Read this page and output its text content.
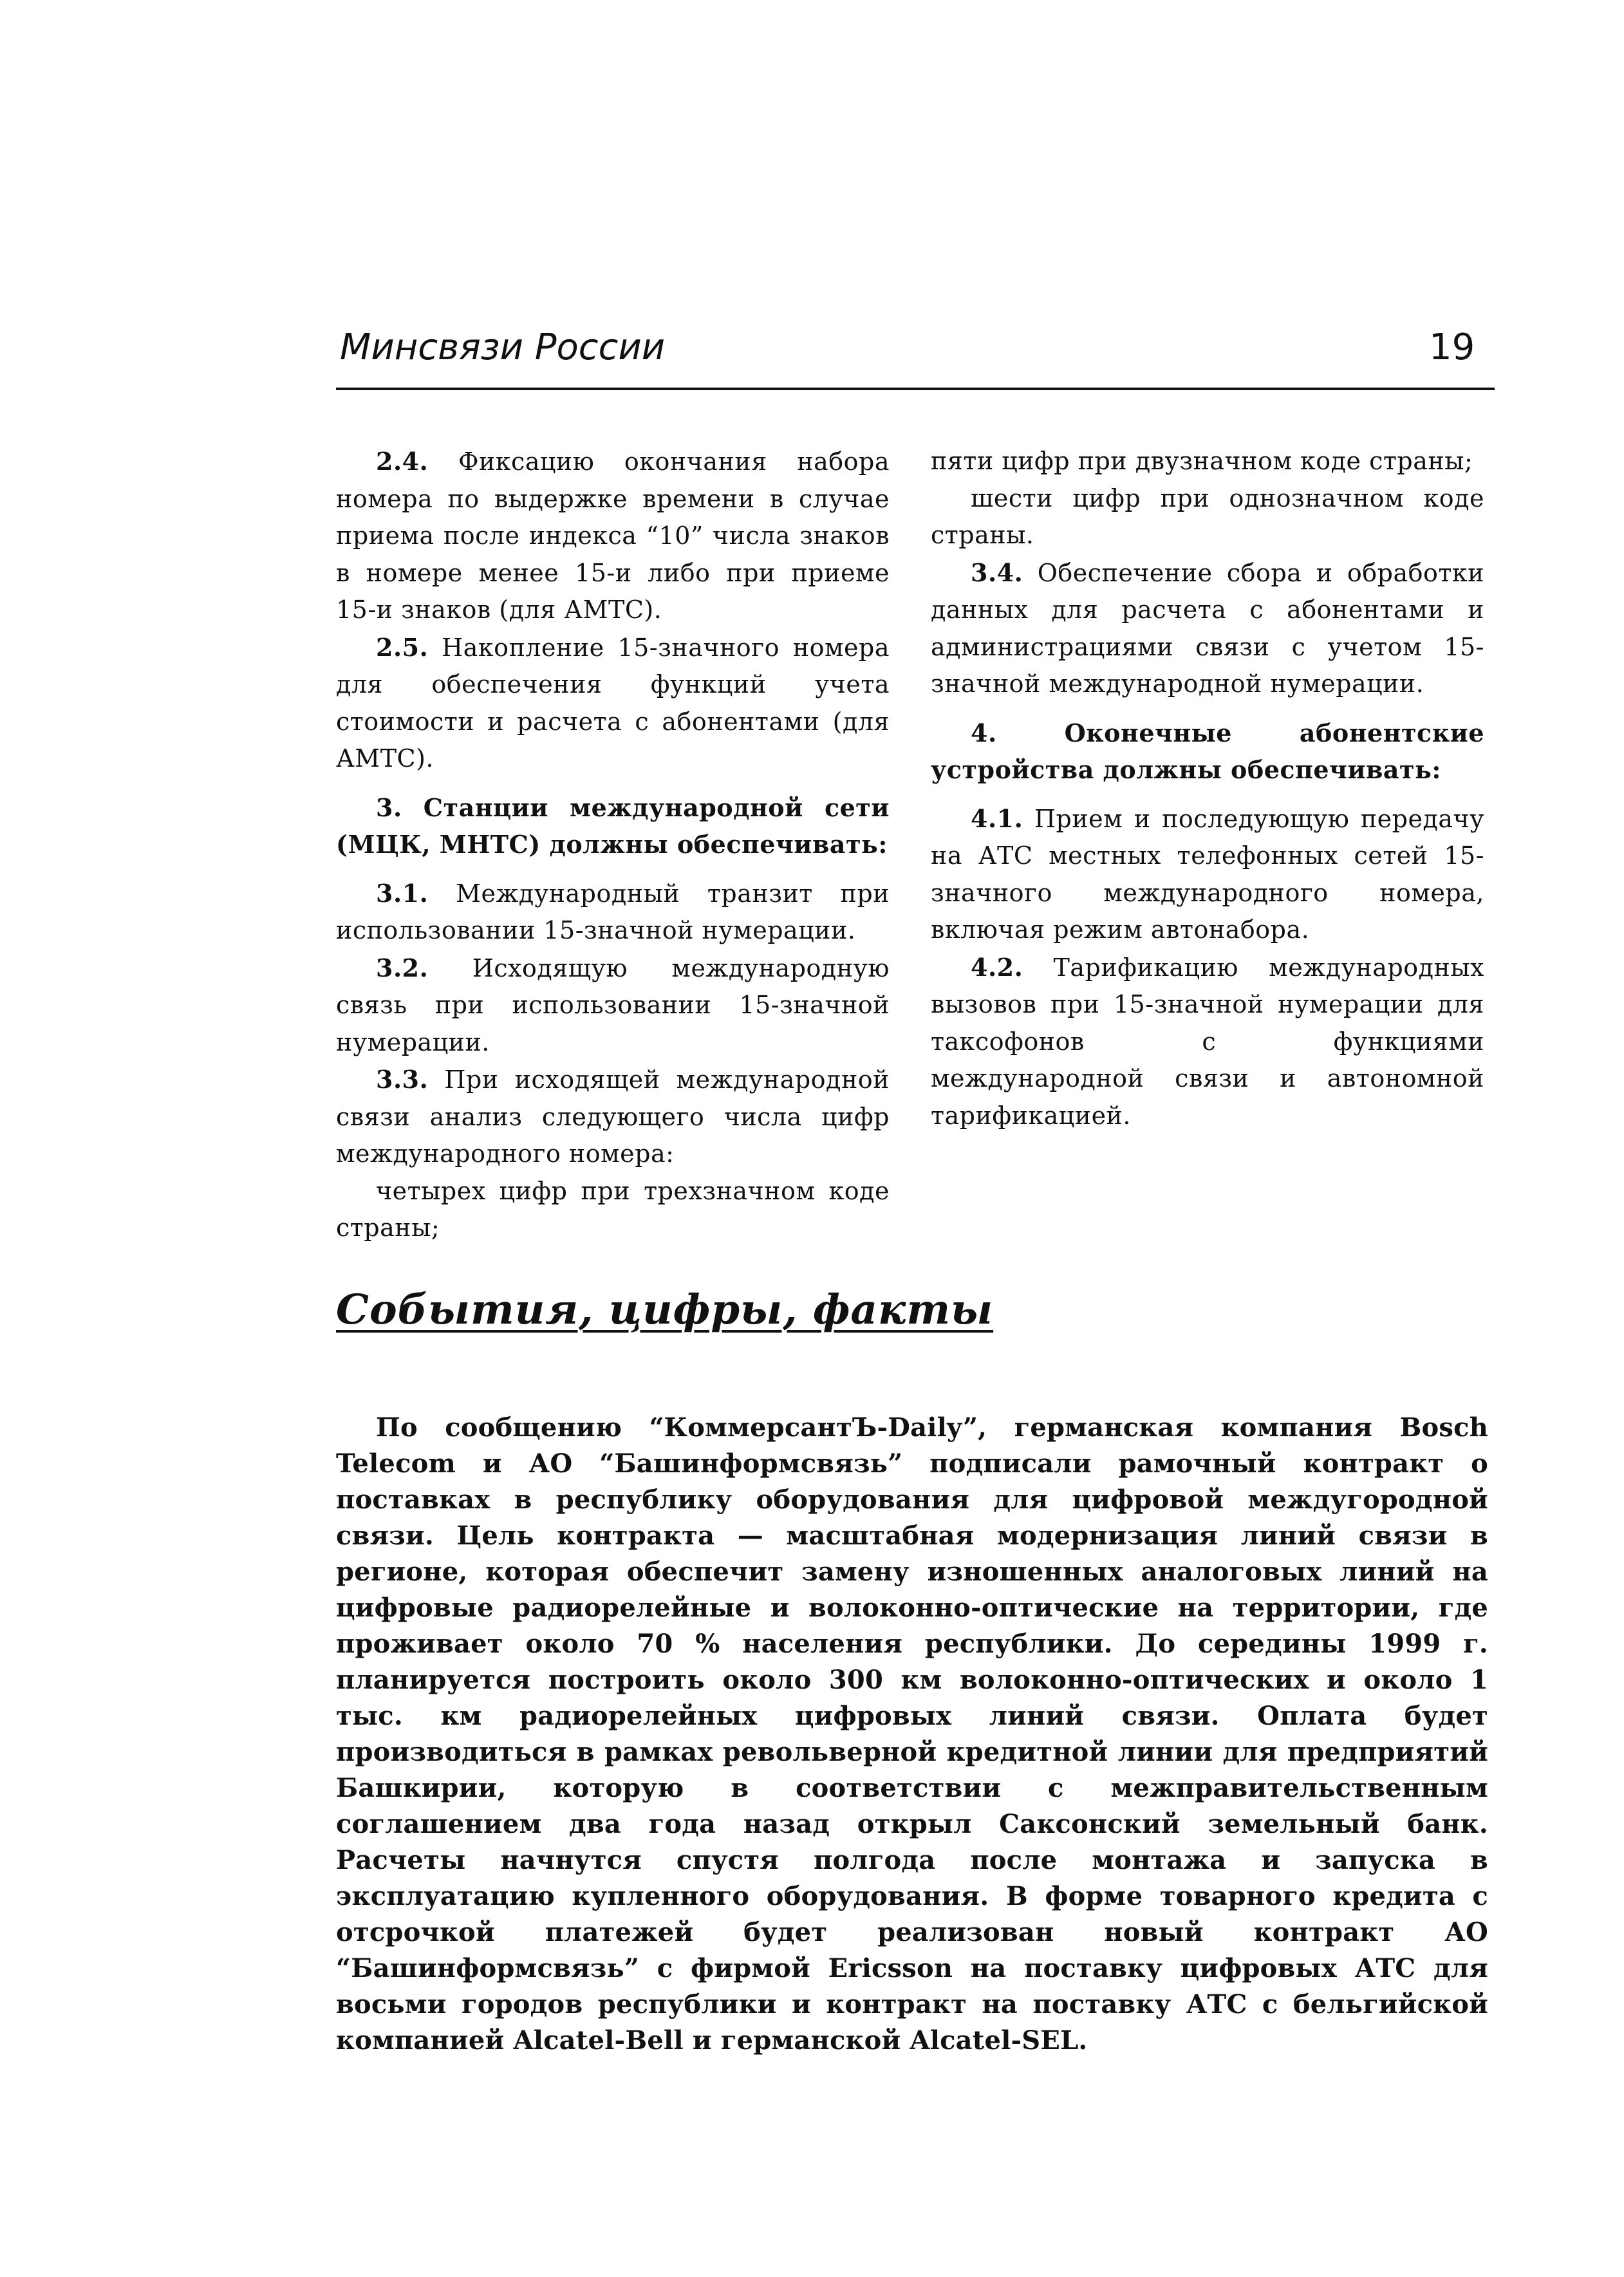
Минсвязи России	19

2.4. Фиксацию окончания набора номера по выдержке времени в случае приема после индекса “10” числа знаков в номере менее 15-и либо при приеме 15-и знаков (для АМТС).

2.5. Накопление 15-значного номера для обеспечения функций учета стоимости и расчета с абонентами (для АМТС).

3. Станции международной сети (МЦК, МНТС) должны обеспечивать:

3.1. Международный транзит при использовании 15-значной нумерации.

3.2. Исходящую международную связь при использовании 15-значной нумерации.

3.3. При исходящей международной связи анализ следующего числа цифр международного номера:

четырех цифр при трехзначном коде страны;

пяти цифр при двузначном коде страны;

шести цифр при однозначном коде страны.

3.4. Обеспечение сбора и обработки данных для расчета с абонентами и администрациями связи с учетом 15-значной международной нумерации.

4. Оконечные абонентские устройства должны обеспечивать:

4.1. Прием и последующую передачу на АТС местных телефонных сетей 15-значного международного номера, включая режим автонабора.

4.2. Тарификацию международных вызовов при 15-значной нумерации для таксофонов с функциями международной связи и автономной тарификацией.

События, цифры, факты

По сообщению “КоммерсантЪ-Daily”, германская компания Bosch Telecom и АО “Башинформсвязь” подписали рамочный контракт о поставках в республику оборудования для цифровой междугородной связи. Цель контракта — масштабная модернизация линий связи в регионе, которая обеспечит замену изношенных аналоговых линий на цифровые радиорелейные и волоконно-оптические на территории, где проживает около 70 % населения республики. До середины 1999 г. планируется построить около 300 км волоконно-оптических и около 1 тыс. км радиорелейных цифровых линий связи. Оплата будет производиться в рамках револьверной кредитной линии для предприятий Башкирии, которую в соответствии с межправительственным соглашением два года назад открыл Саксонский земельный банк. Расчеты начнутся спустя полгода после монтажа и запуска в эксплуатацию купленного оборудования. В форме товарного кредита с отсрочкой платежей будет реализован новый контракт АО “Башинформсвязь” с фирмой Ericsson на поставку цифровых АТС для восьми городов республики и контракт на поставку АТС с бельгийской компанией Alcatel-Bell и германской Alcatel-SEL.
